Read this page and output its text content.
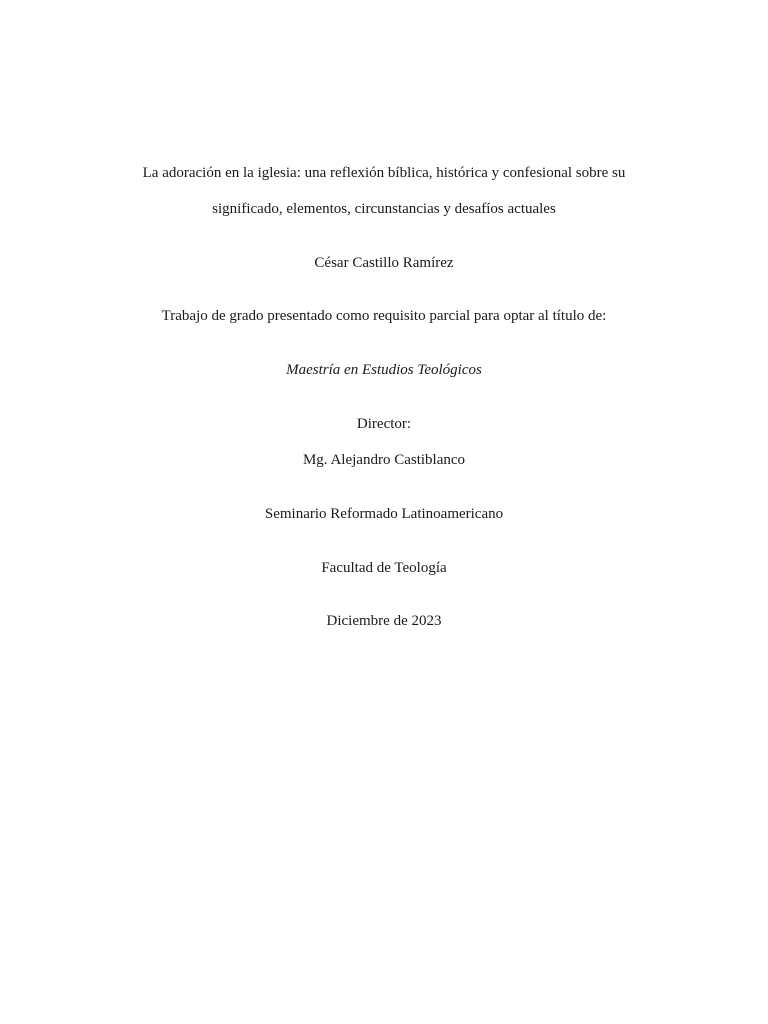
La adoración en la iglesia: una reflexión bíblica, histórica y confesional sobre su
significado, elementos, circunstancias y desafíos actuales
César Castillo Ramírez
Trabajo de grado presentado como requisito parcial para optar al título de:
Maestría en Estudios Teológicos
Director:
Mg. Alejandro Castiblanco
Seminario Reformado Latinoamericano
Facultad de Teología
Diciembre de 2023
